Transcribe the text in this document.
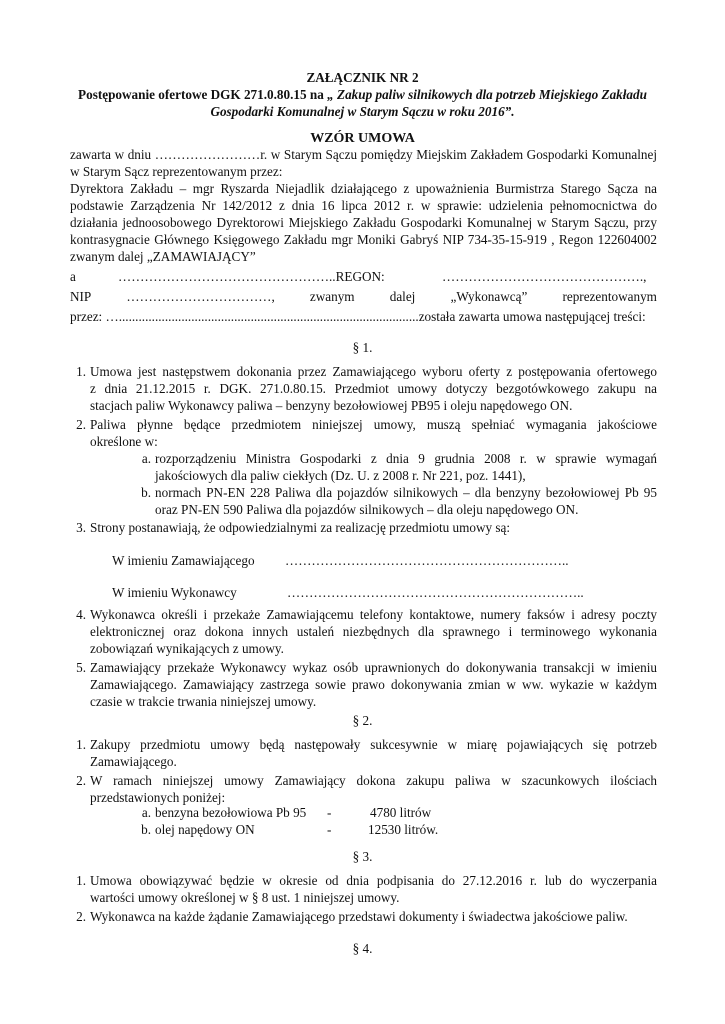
ZAŁĄCZNIK NR 2
Postępowanie ofertowe DGK 271.0.80.15 na „ Zakup paliw silnikowych dla potrzeb Miejskiego Zakładu
Gospodarki Komunalnej w Starym Sączu w roku 2016”.
WZÓR UMOWA
zawarta w dniu ……………………r. w Starym Sączu pomiędzy Miejskim Zakładem Gospodarki Komunalnej
w Starym Sącz reprezentowanym przez:
Dyrektora Zakładu – mgr Ryszarda Niejadlik działającego z upoważnienia Burmistrza Starego Sącza na
podstawie Zarządzenia Nr 142/2012 z dnia 16 lipca 2012 r. w sprawie: udzielenia pełnomocnictwa do
działania jednoosobowego Dyrektorowi Miejskiego Zakładu Gospodarki Komunalnej w Starym Sączu, przy
kontrasygnacie Głównego Księgowego Zakładu mgr Moniki Gabryś NIP 734-35-15-919 , Regon 122604002
zwanym dalej „ZAMAWIAJĄCY”
a	…………………………………………..REGON:	……………………………………….,
NIP	……………………………,	zwanym	dalej	„Wykonawcą”	reprezentowanym
przez: …...........................................................................................została zawarta umowa następującej treści:
§ 1.
1. Umowa jest następstwem dokonania przez Zamawiającego wyboru oferty z postępowania ofertowego
z dnia 21.12.2015 r. DGK. 271.0.80.15. Przedmiot umowy dotyczy bezgotówkowego zakupu na
stacjach paliw Wykonawcy paliwa – benzyny bezołowiowej PB95 i oleju napędowego ON.
2. Paliwa płynne będące przedmiotem niniejszej umowy, muszą spełniać wymagania jakościowe
określone w:
a. rozporządzeniu Ministra Gospodarki z dnia 9 grudnia 2008 r. w sprawie wymagań
jakościowych dla paliw ciekłych (Dz. U. z 2008 r. Nr 221, poz. 1441),
b. normach PN-EN 228 Paliwa dla pojazdów silnikowych – dla benzyny bezołowiowej Pb 95
oraz PN-EN 590 Paliwa dla pojazdów silnikowych – dla oleju napędowego ON.
3. Strony postanawiają, że odpowiedzialnymi za realizację przedmiotu umowy są:
W imieniu Zamawiającego ………………………………………………………..
W imieniu Wykonawcy	…………………………………………………………..
4. Wykonawca określi i przekaże Zamawiającemu telefony kontaktowe, numery faksów i adresy poczty
elektronicznej oraz dokona innych ustaleń niezbędnych dla sprawnego i terminowego wykonania
zobowiązań wynikających z umowy.
5. Zamawiający przekaże Wykonawcy wykaz osób uprawnionych do dokonywania transakcji w imieniu
Zamawiającego. Zamawiający zastrzega sowie prawo dokonywania zmian w ww. wykazie w każdym
czasie w trakcie trwania niniejszej umowy.
§ 2.
1. Zakupy przedmiotu umowy będą następowały sukcesywnie w miarę pojawiających się potrzeb
Zamawiającego.
2. W ramach niniejszej umowy Zamawiający dokona zakupu paliwa w szacunkowych ilościach
przedstawionych poniżej:
a. benzyna bezołowiowa Pb 95 -	4780 litrów
b. olej napędowy ON	-	12530 litrów.
§ 3.
1. Umowa obowiązywać będzie w okresie od dnia podpisania do 27.12.2016 r. lub do wyczerpania
wartości umowy określonej w § 8 ust. 1 niniejszej umowy.
2. Wykonawca na każde żądanie Zamawiającego przedstawi dokumenty i świadectwa jakościowe paliw.
§ 4.
